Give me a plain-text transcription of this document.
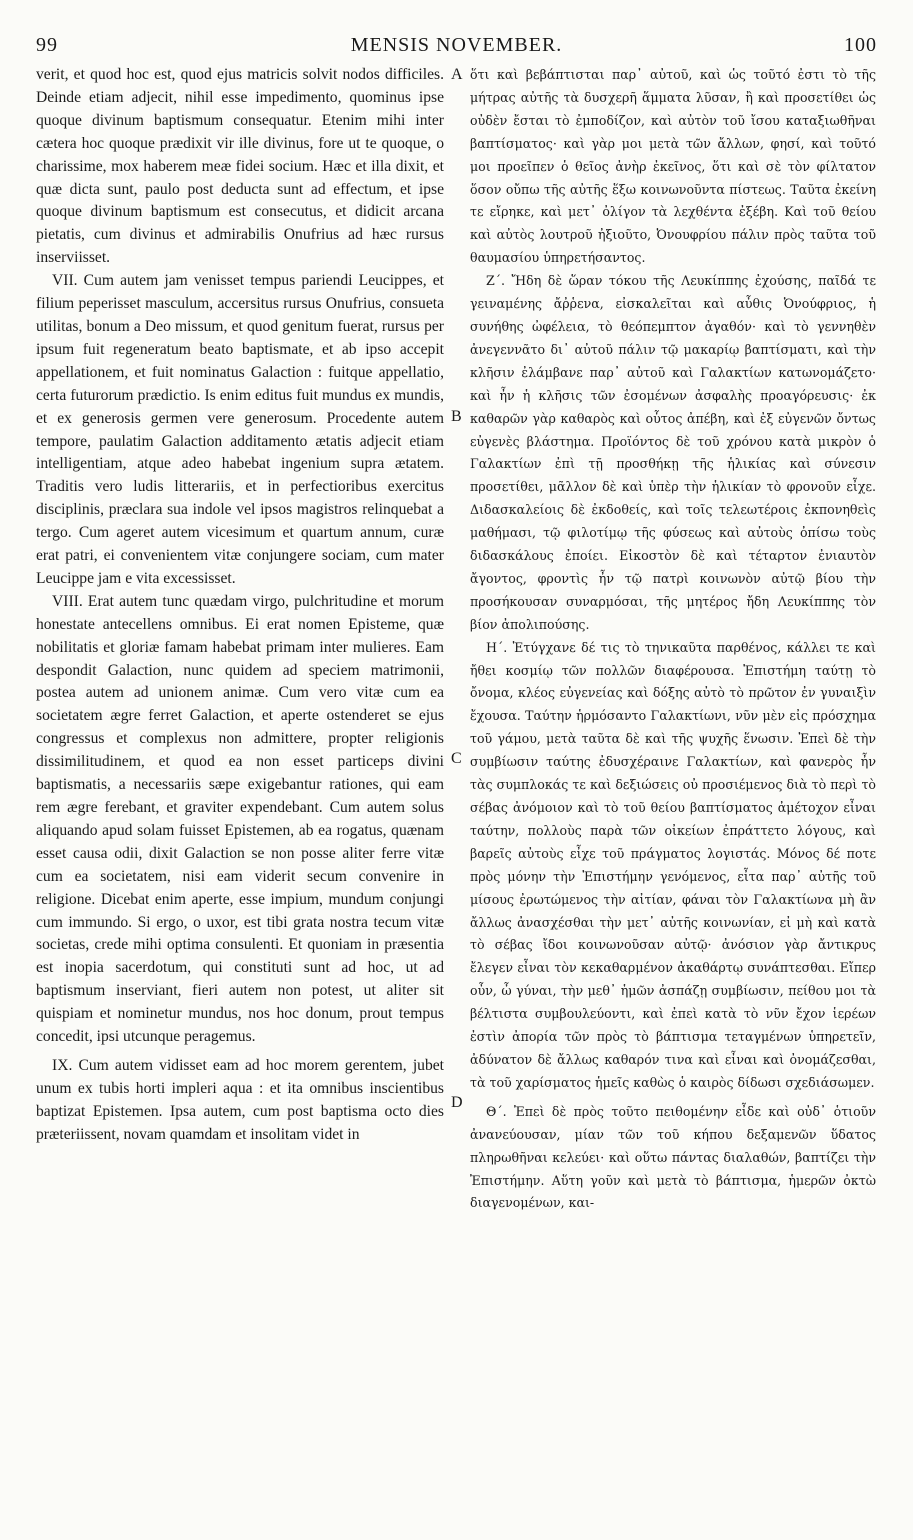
99	MENSIS NOVEMBER.	100

verit, et quod hoc est, quod ejus matricis solvit nodos difficiles. Deinde etiam adjecit, nihil esse impedimento, quominus ipse quoque divinum baptismum consequatur. Etenim mihi inter cætera hoc quoque prædixit vir ille divinus, fore ut te quoque, o charissime, mox haberem meæ fidei socium. Hæc et illa dixit, et quæ dicta sunt, paulo post deducta sunt ad effectum, et ipse quoque divinum baptismum est consecutus, et didicit arcana pietatis, cum divinus et admirabilis Onufrius ad hæc rursus inserviisset.

VII. Cum autem jam venisset tempus pariendi Leucippes, et filium peperisset masculum, accersitus rursus Onufrius, consueta utilitas, bonum a Deo missum, et quod genitum fuerat, rursus per ipsum fuit regeneratum beato baptismate, et ab ipso accepit appellationem, et fuit nominatus Galaction : fuitque appellatio, certa futurorum prædictio. Is enim editus fuit mundus ex mundis, et ex generosis germen vere generosum. Procedente autem tempore, paulatim Galaction additamento ætatis adjecit etiam intelligentiam, atque adeo habebat ingenium supra ætatem. Traditis vero ludis litterariis, et in perfectioribus exercitus disciplinis, præclara sua indole vel ipsos magistros relinquebat a tergo. Cum ageret autem vicesimum et quartum annum, curæ erat patri, ei convenientem vitæ conjungere sociam, cum mater Leucippe jam e vita excessisset.

VIII. Erat autem tunc quædam virgo, pulchritudine et morum honestate antecellens omnibus. Ei erat nomen Episteme, quæ nobilitatis et gloriæ famam habebat primam inter mulieres. Eam despondit Galaction, nunc quidem ad speciem matrimonii, postea autem ad unionem animæ. Cum vero vitæ cum ea societatem ægre ferret Galaction, et aperte ostenderet se ejus congressus et complexus non admittere, propter religionis dissimilitudinem, et quod ea non esset particeps divini baptismatis, a necessariis sæpe exigebantur rationes, qui eam rem ægre ferebant, et graviter expendebant. Cum autem solus aliquando apud solam fuisset Epistemen, ab ea rogatus, quænam esset causa odii, dixit Galaction se non posse aliter ferre vitæ cum ea societatem, nisi eam viderit secum convenire in religione. Dicebat enim aperte, esse impium, mundum conjungi cum immundo. Si ergo, o uxor, est tibi grata nostra tecum vitæ societas, crede mihi optima consulenti. Et quoniam in præsentia est inopia sacerdotum, qui constituti sunt ad hoc, ut ad baptismum inserviant, fieri autem non potest, ut aliter sit quispiam et nominetur mundus, nos hoc donum, prout tempus concedit, ipsi utcunque peragemus.

IX. Cum autem vidisset eam ad hoc morem gerentem, jubet unum ex tubis horti impleri aqua : et ita omnibus inscientibus baptizat Epistemen. Ipsa autem, cum post baptisma octo dies præteriissent, novam quamdam et insolitam videt in

A
B
C
D

ὅτι καὶ βεβάπτισται παρ᾽ αὐτοῦ, καὶ ὡς τοῦτό ἐστι τὸ τῆς μήτρας αὐτῆς τὰ δυσχερῆ ἅμματα λῦσαν, ἢ καὶ προσετίθει ὡς οὐδὲν ἔσται τὸ ἐμποδίζον, καὶ αὐτὸν τοῦ ἴσου καταξιωθῆναι βαπτίσματος· καὶ γὰρ μοι μετὰ τῶν ἄλλων, φησί, καὶ τοῦτό μοι προεῖπεν ὁ θεῖος ἀνὴρ ἐκεῖνος, ὅτι καὶ σὲ τὸν φίλτατον ὅσον οὔπω τῆς αὐτῆς ἕξω κοινωνοῦντα πίστεως. Ταῦτα ἐκείνη τε εἴρηκε, καὶ μετ᾽ ὀλίγον τὰ λεχθέντα ἐξέβη. Καὶ τοῦ θείου καὶ αὐτὸς λουτροῦ ἠξιοῦτο, Ὀνουφρίου πάλιν πρὸς ταῦτα τοῦ θαυμασίου ὑπηρετήσαντος.

Ζ΄. Ἤδη δὲ ὥραν τόκου τῆς Λευκίππης ἐχούσης, παῖδά τε γειναμένης ἄῤῥενα, εἰσκαλεῖται καὶ αὖθις Ὀνούφριος, ἡ συνήθης ὠφέλεια, τὸ θεόπεμπτον ἀγαθόν· καὶ τὸ γεννηθὲν ἀνεγεννᾶτο δι᾽ αὐτοῦ πάλιν τῷ μακαρίῳ βαπτίσματι, καὶ τὴν κλῆσιν ἐλάμβανε παρ᾽ αὐτοῦ καὶ Γαλακτίων κατωνομάζετο· καὶ ἦν ἡ κλῆσις τῶν ἐσομένων ἀσφαλὴς προαγόρευσις· ἐκ καθαρῶν γὰρ καθαρὸς καὶ οὗτος ἀπέβη, καὶ ἐξ εὐγενῶν ὄντως εὐγενὲς βλάστημα. Προϊόντος δὲ τοῦ χρόνου κατὰ μικρὸν ὁ Γαλακτίων ἐπὶ τῇ προσθήκῃ τῆς ἡλικίας καὶ σύνεσιν προσετίθει, μᾶλλον δὲ καὶ ὑπὲρ τὴν ἡλικίαν τὸ φρονοῦν εἶχε. Διδασκαλείοις δὲ ἐκδοθείς, καὶ τοῖς τελεωτέροις ἐκπονηθεὶς μαθήμασι, τῷ φιλοτίμῳ τῆς φύσεως καὶ αὐτοὺς ὀπίσω τοὺς διδασκάλους ἐποίει. Εἰκοστὸν δὲ καὶ τέταρτον ἐνιαυτὸν ἄγοντος, φροντὶς ἦν τῷ πατρὶ κοινωνὸν αὐτῷ βίου τὴν προσήκουσαν συναρμόσαι, τῆς μητέρος ἤδη Λευκίππης τὸν βίον ἀπολιπούσης.

Η΄. Ἐτύγχανε δέ τις τὸ τηνικαῦτα παρθένος, κάλλει τε καὶ ἤθει κοσμίῳ τῶν πολλῶν διαφέρουσα. Ἐπιστήμη ταύτῃ τὸ ὄνομα, κλέος εὐγενείας καὶ δόξης αὐτὸ τὸ πρῶτον ἐν γυναιξὶν ἔχουσα. Ταύτην ἡρμόσαντο Γαλακτίωνι, νῦν μὲν εἰς πρόσχημα τοῦ γάμου, μετὰ ταῦτα δὲ καὶ τῆς ψυχῆς ἕνωσιν. Ἐπεὶ δὲ τὴν συμβίωσιν ταύτης ἐδυσχέραινε Γαλακτίων, καὶ φανερὸς ἦν τὰς συμπλοκάς τε καὶ δεξιώσεις οὐ προσιέμενος διὰ τὸ περὶ τὸ σέβας ἀνόμοιον καὶ τὸ τοῦ θείου βαπτίσματος ἀμέτοχον εἶναι ταύτην, πολλοὺς παρὰ τῶν οἰκείων ἐπράττετο λόγους, καὶ βαρεῖς αὐτοὺς εἶχε τοῦ πράγματος λογιστάς. Μόνος δέ ποτε πρὸς μόνην τὴν Ἐπιστήμην γενόμενος, εἶτα παρ᾽ αὐτῆς τοῦ μίσους ἐρωτώμενος τὴν αἰτίαν, φάναι τὸν Γαλακτίωνα μὴ ἂν ἄλλως ἀνασχέσθαι τὴν μετ᾽ αὐτῆς κοινωνίαν, εἰ μὴ καὶ κατὰ τὸ σέβας ἴδοι κοινωνοῦσαν αὐτῷ· ἀνόσιον γὰρ ἄντικρυς ἔλεγεν εἶναι τὸν κεκαθαρμένον ἀκαθάρτῳ συνάπτεσθαι. Εἴπερ οὖν, ὦ γύναι, τὴν μεθ᾽ ἡμῶν ἀσπάζῃ συμβίωσιν, πείθου μοι τὰ βέλτιστα συμβουλεύοντι, καὶ ἐπεὶ κατὰ τὸ νῦν ἔχον ἱερέων ἐστὶν ἀπορία τῶν πρὸς τὸ βάπτισμα τεταγμένων ὑπηρετεῖν, ἀδύνατον δὲ ἄλλως καθαρόν τινα καὶ εἶναι καὶ ὀνομάζεσθαι, τὰ τοῦ χαρίσματος ἡμεῖς καθὼς ὁ καιρὸς δίδωσι σχεδιάσωμεν.

Θ΄. Ἐπεὶ δὲ πρὸς τοῦτο πειθομένην εἶδε καὶ οὐδ᾽ ὁτιοῦν ἀνανεύουσαν, μίαν τῶν τοῦ κήπου δεξαμενῶν ὕδατος πληρωθῆναι κελεύει· καὶ οὕτω πάντας διαλαθών, βαπτίζει τὴν Ἐπιστήμην. Αὕτη γοῦν καὶ μετὰ τὸ βάπτισμα, ἡμερῶν ὀκτὼ διαγενομένων, και-
